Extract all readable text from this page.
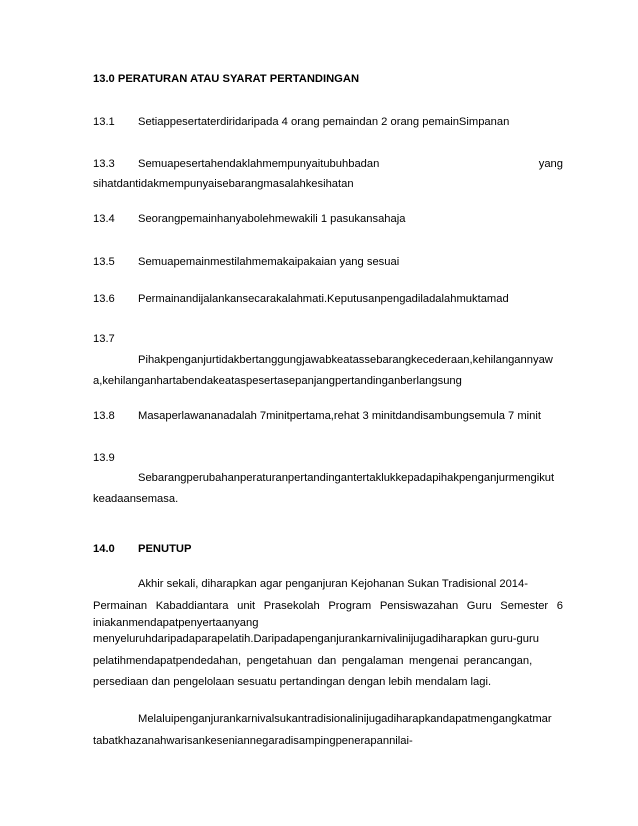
13.0 PERATURAN ATAU SYARAT PERTANDINGAN
13.1 Setiappesertaterdiridaripada 4 orang pemaindan 2 orang pemainSimpanan
13.3 Semuapesertahendaklahmempunyaitubuhbadan	yang
sihatdantidakmempunyaisebarangmasalahkesihatan
13.4 Seorangpemainhanyabolehmewakili 1 pasukansahaja
13.5 Semuapemainmestilahmemakaipakaian yang sesuai
13.6 Permainandijalankansecarakalahmati.Keputusanpengadiladalahmuktamad
13.7
Pihakpenganjurtidakbertanggungjawabkeatassebarangkecederaan,kehilangannyaw
a,kehilanganhartabendakeataspesertasepanjangpertandinganberlangsung
13.8 Masaperlawananadalah 7minitpertama,rehat 3 minitdandisambungsemula 7 minit
13.9
Sebarangperubahanperaturanpertandingantertaklukkepadapihakpenganjurmengikut
keadaansemasa.
14.0 PENUTUP
Akhir sekali, diharapkan agar penganjuran Kejohanan Sukan Tradisional 2014-
Permainan Kabaddiantara unit Prasekolah Program Pensiswazahan Guru Semester 6
iniakanmendapatpenyertaanyang
menyeluruhdaripadaparapelatih.Daripadapenganjurankarnivalinijugadiharapkan guru-guru
pelatihmendapatpendedahan, pengetahuan dan pengalaman mengenai perancangan,
persediaan dan pengelolaan sesuatu pertandingan dengan lebih mendalam lagi.
Melaluipenganjurankarnivalsukantradisionalinijugadiharapkandapatmengangkatmar
tabatkhazanahwarisankeseniannegaradisampingpenerapannilai-
